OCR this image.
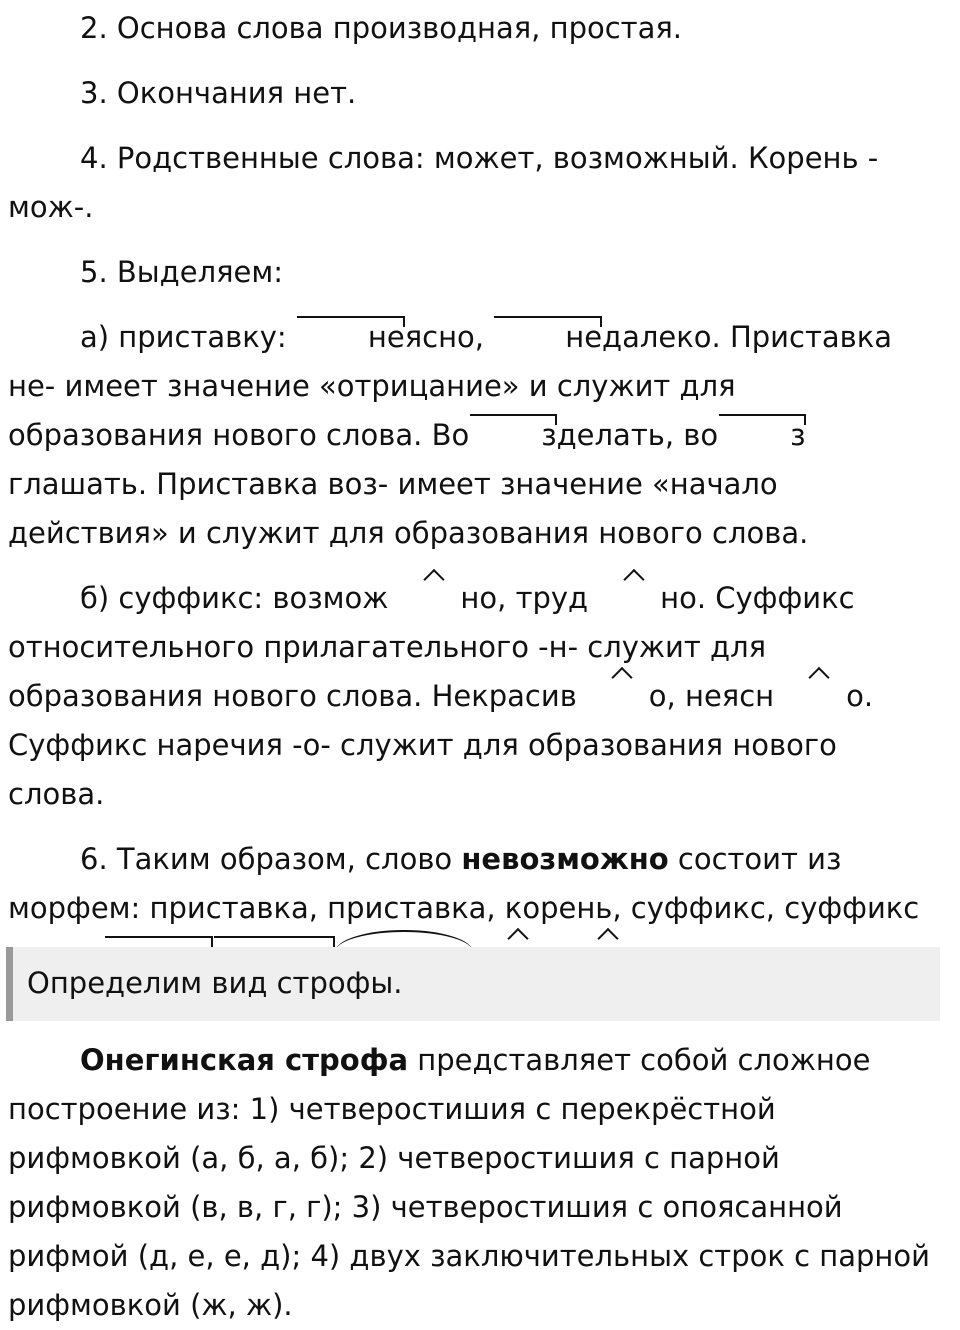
2. Основа слова производная, простая.

3. Окончания нет.

4. Родственные слова: может, возможный. Корень - мож-.

5. Выделяем:

а) приставку: неясно, недалеко. Приставка не- имеет значение «отрицание» и служит для образования нового слова. Во зделать, во зглашать. Приставка воз- имеет значение «начало действия» и служит для образования нового слова.

б) суффикс: возмож но, труд но. Суффикс относительного прилагательного -н- служит для образования нового слова. Некрасив о, неясн о. Суффикс наречия -о- служит для образования нового слова.

6. Таким образом, слово невозможно состоит из морфем: приставка, приставка, корень, суффикс, суффикс

Определим вид строфы.

Онегинская строфа представляет собой сложное построение из: 1) четверостишия с перекрёстной рифмовкой (а, б, а, б); 2) четверостишия с парной рифмовкой (в, в, г, г); 3) четверостишия с опоясанной рифмой (д, е, е, д); 4) двух заключительных строк с парной рифмовкой (ж, ж).
